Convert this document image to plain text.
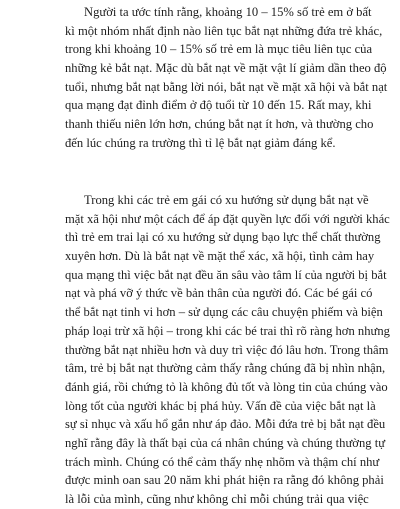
Người ta ước tính rằng, khoảng 10 – 15% số trẻ em ở bất
kì một nhóm nhất định nào liên tục bắt nạt những đứa trẻ khác,
trong khi khoảng 10 – 15% số trẻ em là mục tiêu liên tục của
những kẻ bắt nạt. Mặc dù bắt nạt về mặt vật lí giảm dần theo độ
tuổi, nhưng bắt nạt bằng lời nói, bắt nạt về mặt xã hội và bắt nạt
qua mạng đạt đỉnh điểm ở độ tuổi từ 10 đến 15. Rất may, khi
thanh thiếu niên lớn hơn, chúng bắt nạt ít hơn, và thường cho
đến lúc chúng ra trường thì tỉ lệ bắt nạt giảm đáng kể.
Trong khi các trẻ em gái có xu hướng sử dụng bắt nạt về
mặt xã hội như một cách để áp đặt quyền lực đối với người khác
thì trẻ em trai lại có xu hướng sử dụng bạo lực thể chất thường
xuyên hơn. Dù là bắt nạt về mặt thể xác, xã hội, tình cảm hay
qua mạng thì việc bắt nạt đều ăn sâu vào tâm lí của người bị bắt
nạt và phá vỡ ý thức về bản thân của người đó. Các bé gái có
thể bắt nạt tinh vi hơn – sử dụng các câu chuyện phiếm và biện
pháp loại trừ xã hội – trong khi các bé trai thì rõ ràng hơn nhưng
thường bắt nạt nhiều hơn và duy trì việc đó lâu hơn. Trong thâm
tâm, trẻ bị bắt nạt thường cảm thấy rằng chúng đã bị nhìn nhận,
đánh giá, rồi chứng tỏ là không đủ tốt và lòng tin của chúng vào
lòng tốt của người khác bị phá hủy. Vấn đề của việc bắt nạt là
sự sỉ nhục và xấu hổ gắn như áp đảo. Mỗi đứa trẻ bị bắt nạt đều
nghĩ rằng đây là thất bại của cá nhân chúng và chúng thường tự
trách mình. Chúng có thể cảm thấy nhẹ nhõm và thậm chí như
được minh oan sau 20 năm khi phát hiện ra rằng đó không phải
là lỗi của mình, cũng như không chỉ mỗi chúng trải qua việc
